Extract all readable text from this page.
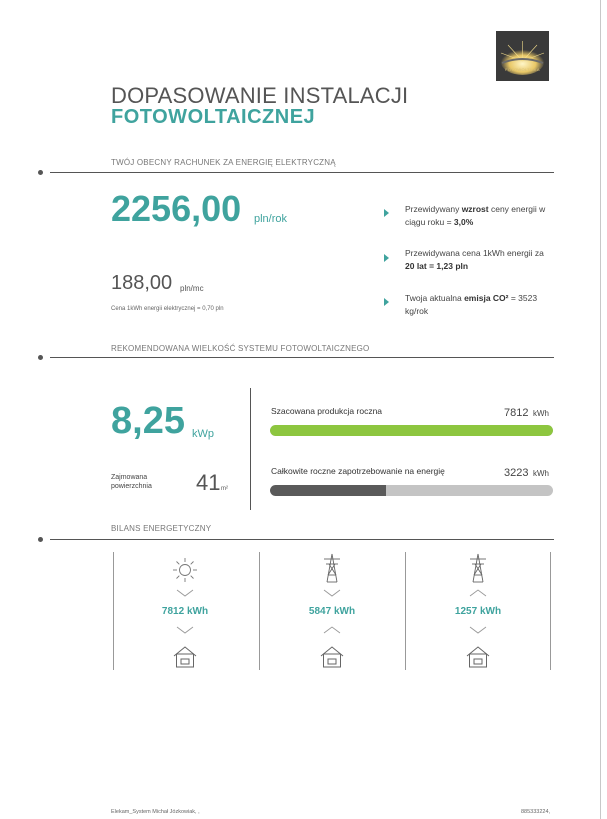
FOTOWOLTAIKA
DOPASOWANIE INSTALACJI
FOTOWOLTAICZNEJ
TWÓJ OBECNY RACHUNEK ZA ENERGIĘ ELEKTRYCZNĄ
2256,00 pln/rok
188,00 pln/mc
Cena 1kWh energii elektrycznej = 0,70 pln
Przewidywany wzrost ceny energii w ciągu roku = 3,0%
Przewidywana cena 1kWh energii za 20 lat = 1,23 pln
Twoja aktualna emisja CO² = 3523 kg/rok
REKOMENDOWANA WIELKOŚĆ SYSTEMU FOTOWOLTAICZNEGO
8,25 kWp
Zajmowana powierzchnia	41 m²
Szacowana produkcja roczna	7812 kWh
Całkowite roczne zapotrzebowanie na energię	3223 kWh
BILANS ENERGETYCZNY
7812 kWh	5847 kWh	1257 kWh
Elekam_System Michał Józkowiak, ,	885333224,
